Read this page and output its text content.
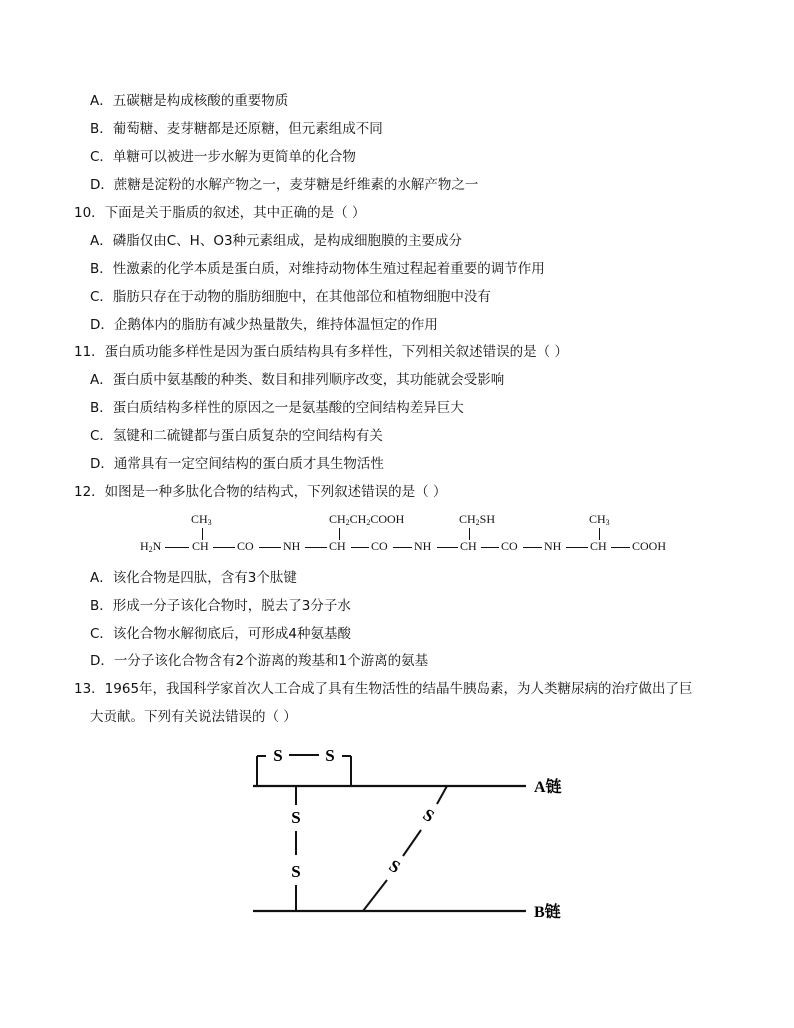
A．五碳糖是构成核酸的重要物质
B．葡萄糖、麦芽糖都是还原糖，但元素组成不同
C．单糖可以被进一步水解为更简单的化合物
D．蔗糖是淀粉的水解产物之一，麦芽糖是纤维素的水解产物之一
10．下面是关于脂质的叙述，其中正确的是（ ）
A．磷脂仅由C、H、O3种元素组成，是构成细胞膜的主要成分
B．性激素的化学本质是蛋白质，对维持动物体生殖过程起着重要的调节作用
C．脂肪只存在于动物的脂肪细胞中，在其他部位和植物细胞中没有
D．企鹅体内的脂肪有减少热量散失，维持体温恒定的作用
11．蛋白质功能多样性是因为蛋白质结构具有多样性，下列相关叙述错误的是（ ）
A．蛋白质中氨基酸的种类、数目和排列顺序改变，其功能就会受影响
B．蛋白质结构多样性的原因之一是氨基酸的空间结构差异巨大
C．氢键和二硫键都与蛋白质复杂的空间结构有关
D．通常具有一定空间结构的蛋白质才具生物活性
12．如图是一种多肽化合物的结构式，下列叙述错误的是（ ）
$CH_3$	$CH_2CH_2COOH$	$CH_2SH$	$CH_3$
$H_2N$	CH CO NH CH CO NH CH CO NH CH COOH
A．该化合物是四肽，含有3个肽键
B．形成一分子该化合物时，脱去了3分子水
C．该化合物水解彻底后，可形成4种氨基酸
D．一分子该化合物含有2个游离的羧基和1个游离的氨基
13．1965年，我国科学家首次人工合成了具有生物活性的结晶牛胰岛素，为人类糖尿病的治疗做出了巨
大贡献。下列有关说法错误的（ ）
S	S
S
S
S
S
A链
B链
